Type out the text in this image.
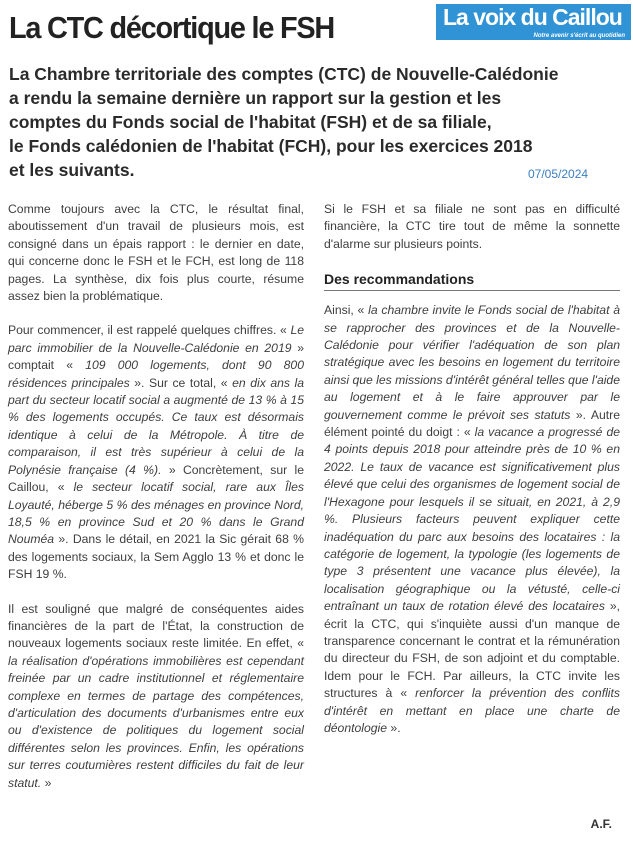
La CTC décortique le FSH	La voix du Caillou
Notre avenir s'écrit au quotidien
La Chambre territoriale des comptes (CTC) de Nouvelle-Calédonie
a rendu la semaine dernière un rapport sur la gestion et les
comptes du Fonds social de l'habitat (FSH) et de sa filiale,
le Fonds calédonien de l'habitat (FCH), pour les exercices 2018
et les suivants.	07/05/2024

Comme toujours avec la CTC, le résultat final, aboutissement d'un travail de plusieurs mois, est consigné dans un épais rapport : le dernier en date, qui concerne donc le FSH et le FCH, est long de 118 pages. La synthèse, dix fois plus courte, résume assez bien la problématique.

Pour commencer, il est rappelé quelques chiffres. « Le parc immobilier de la Nouvelle-Calédonie en 2019 » comptait « 109 000 logements, dont 90 800 résidences principales ». Sur ce total, « en dix ans la part du secteur locatif social a augmenté de 13 % à 15 % des logements occupés. Ce taux est désormais identique à celui de la Métropole. À titre de comparaison, il est très supérieur à celui de la Polynésie française (4 %). » Concrètement, sur le Caillou, « le secteur locatif social, rare aux Îles Loyauté, héberge 5 % des ménages en province Nord, 18,5 % en province Sud et 20 % dans le Grand Nouméa ». Dans le détail, en 2021 la Sic gérait 68 % des logements sociaux, la Sem Agglo 13 % et donc le FSH 19 %.

Il est souligné que malgré de conséquentes aides financières de la part de l'État, la construction de nouveaux logements sociaux reste limitée. En effet, « la réalisation d'opérations immobilières est cependant freinée par un cadre institutionnel et réglementaire complexe en termes de partage des compétences, d'articulation des documents d'urbanismes entre eux ou d'existence de politiques du logement social différentes selon les provinces. Enfin, les opérations sur terres coutumières restent difficiles du fait de leur statut. »

Si le FSH et sa filiale ne sont pas en difficulté financière, la CTC tire tout de même la sonnette d'alarme sur plusieurs points.

Des recommandations

Ainsi, « la chambre invite le Fonds social de l'habitat à se rapprocher des provinces et de la Nouvelle-Calédonie pour vérifier l'adéquation de son plan stratégique avec les besoins en logement du territoire ainsi que les missions d'intérêt général telles que l'aide au logement et à le faire approuver par le gouvernement comme le prévoit ses statuts ». Autre élément pointé du doigt : « la vacance a progressé de 4 points depuis 2018 pour atteindre près de 10 % en 2022. Le taux de vacance est significativement plus élevé que celui des organismes de logement social de l'Hexagone pour lesquels il se situait, en 2021, à 2,9 %. Plusieurs facteurs peuvent expliquer cette inadéquation du parc aux besoins des locataires : la catégorie de logement, la typologie (les logements de type 3 présentent une vacance plus élevée), la localisation géographique ou la vétusté, celle-ci entraînant un taux de rotation élevé des locataires », écrit la CTC, qui s'inquiète aussi d'un manque de transparence concernant le contrat et la rémunération du directeur du FSH, de son adjoint et du comptable. Idem pour le FCH. Par ailleurs, la CTC invite les structures à « renforcer la prévention des conflits d'intérêt en mettant en place une charte de déontologie ».

A.F.
